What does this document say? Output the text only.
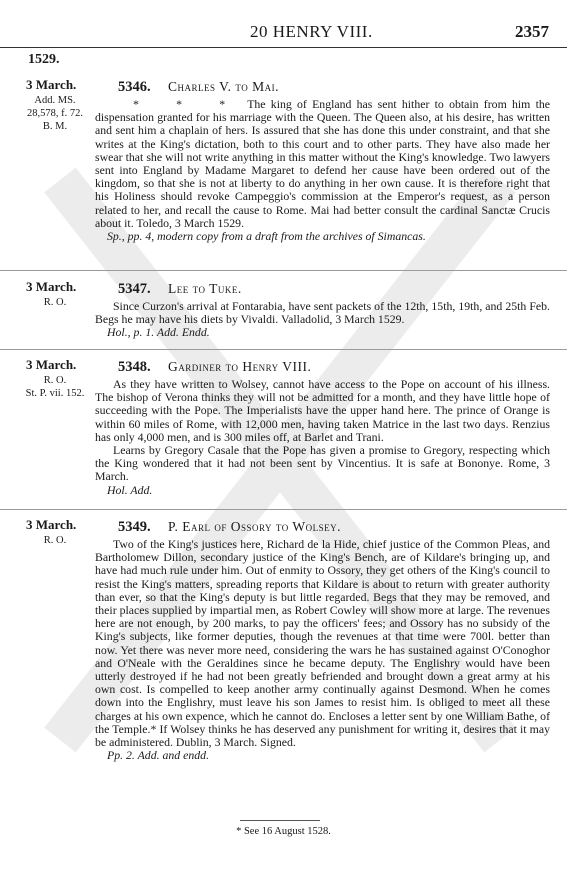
20 HENRY VIII.	2357
1529.
3 March.
Add. MS.
28,578, f. 72.
B. M.
5346. Charles V. to Mai.

* * * The king of England has sent hither to obtain from him the dispensation granted for his marriage with the Queen. The Queen also, at his desire, has written and sent him a chaplain of hers. Is assured that she has done this under constraint, and that she writes at the King's dictation, both to this court and to other parts. They have also made her swear that she will not write anything in this matter without the King's knowledge. Two lawyers sent into England by Madame Margaret to defend her cause have been ordered out of the kingdom, so that she is not at liberty to do anything in her own cause. It is therefore right that his Holiness should revoke Campeggio's commission at the Emperor's request, as a person related to her, and recall the cause to Rome. Mai had better consult the cardinal Sanctæ Crucis about it. Toledo, 3 March 1529.

Sp., pp. 4, modern copy from a draft from the archives of Simancas.

3 March.
R. O.
5347. Lee to Tuke.

Since Curzon's arrival at Fontarabia, have sent packets of the 12th, 15th, 19th, and 25th Feb. Begs he may have his diets by Vivaldi. Valladolid, 3 March 1529.

Hol., p. 1. Add. Endd.

3 March.
R. O.
St. P. vii. 152.
5348. Gardiner to Henry VIII.

As they have written to Wolsey, cannot have access to the Pope on account of his illness. The bishop of Verona thinks they will not be admitted for a month, and they have little hope of succeeding with the Pope. The Imperialists have the upper hand here. The prince of Orange is within 60 miles of Rome, with 12,000 men, having taken Matrice in the last two days. Renzius has only 4,000 men, and is 300 miles off, at Barlet and Trani.

Learns by Gregory Casale that the Pope has given a promise to Gregory, respecting which the King wondered that it had not been sent by Vincentius. It is safe at Bononye. Rome, 3 March.

Hol. Add.

3 March.
R. O.
5349. P. Earl of Ossory to Wolsey.

Two of the King's justices here, Richard de la Hide, chief justice of the Common Pleas, and Bartholomew Dillon, secondary justice of the King's Bench, are of Kildare's bringing up, and have had much rule under him. Out of enmity to Ossory, they get others of the King's council to resist the King's matters, spreading reports that Kildare is about to return with greater authority than ever, so that the King's deputy is but little regarded. Begs that they may be removed, and their places supplied by impartial men, as Robert Cowley will show more at large. The revenues here are not enough, by 200 marks, to pay the officers' fees; and Ossory has no subsidy of the King's subjects, like former deputies, though the revenues at that time were 700l. better than now. Yet there was never more need, considering the wars he has sustained against O'Conoghor and O'Neale with the Geraldines since he became deputy. The Englishry would have been utterly destroyed if he had not been greatly befriended and brought down a great army at his own cost. Is compelled to keep another army continually against Desmond. When he comes down into the Englishry, must leave his son James to resist him. Is obliged to meet all these charges at his own expence, which he cannot do. Encloses a letter sent by one William Bathe, of the Temple.* If Wolsey thinks he has deserved any punishment for writing it, desires that it may be administered. Dublin, 3 March. Signed.

Pp. 2. Add. and endd.

* See 16 August 1528.
